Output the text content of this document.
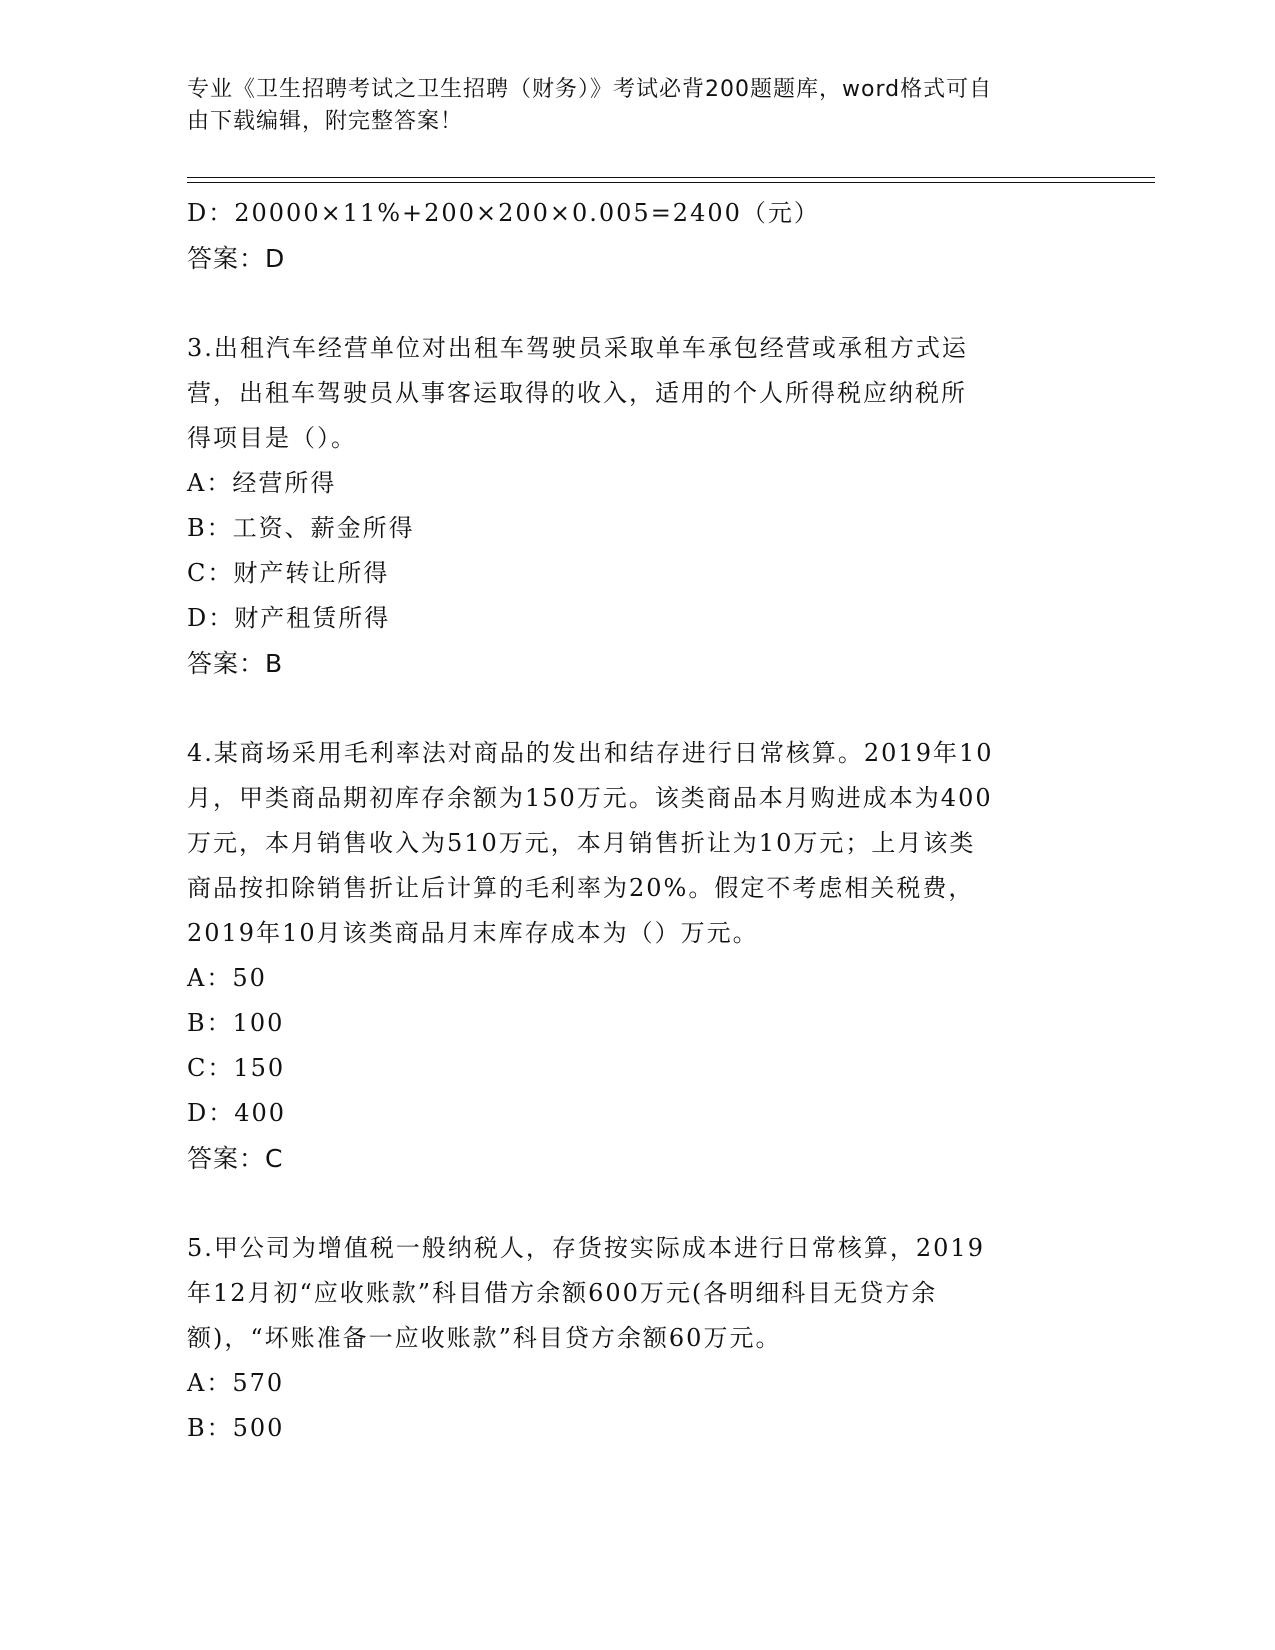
专业《卫生招聘考试之卫生招聘（财务）》考试必背200题题库，word格式可自
由下载编辑，附完整答案！
D：20000×11%+200×200×0.005=2400（元）
答案：D
3.出租汽车经营单位对出租车驾驶员采取单车承包经营或承租方式运
营，出租车驾驶员从事客运取得的收入，适用的个人所得税应纳税所
得项目是（）。
A：经营所得
B：工资、薪金所得
C：财产转让所得
D：财产租赁所得
答案：B
4.某商场采用毛利率法对商品的发出和结存进行日常核算。2019年10
月，甲类商品期初库存余额为150万元。该类商品本月购进成本为400
万元，本月销售收入为510万元，本月销售折让为10万元；上月该类
商品按扣除销售折让后计算的毛利率为20%。假定不考虑相关税费，
2019年10月该类商品月末库存成本为（）万元。
A：50
B：100
C：150
D：400
答案：C
5.甲公司为增值税一般纳税人，存货按实际成本进行日常核算，2019
年12月初“应收账款”科目借方余额600万元(各明细科目无贷方余
额)，“坏账准备一应收账款”科目贷方余额60万元。
A：570
B：500
